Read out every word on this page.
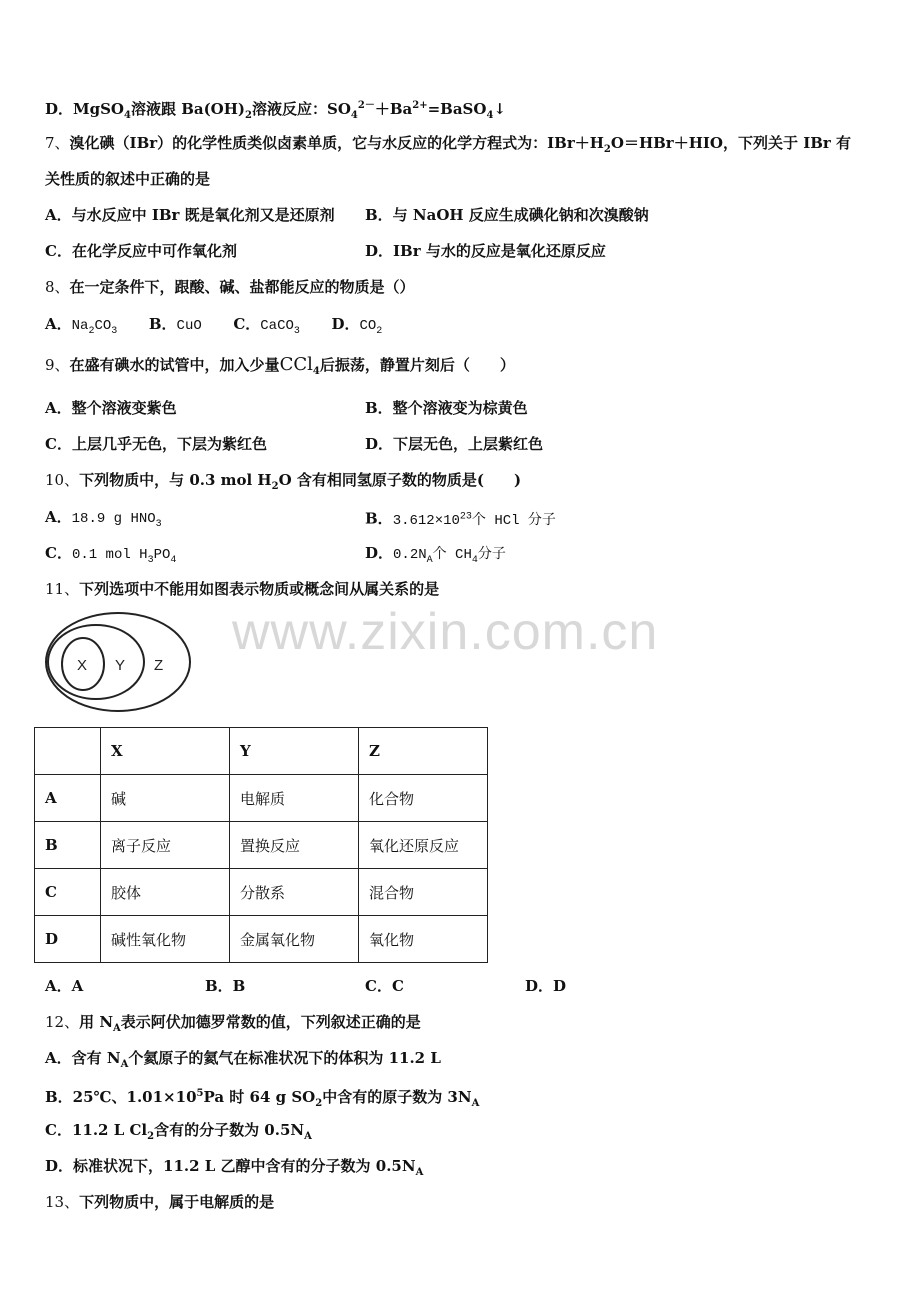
www.zixin.com.cn
D．MgSO$_4$溶液跟 $Ba(OH)_2$溶液反应：$SO_4^{2-}+Ba^{2+}=BaSO_4↓$
7、溴化碘（IBr）的化学性质类似卤素单质，它与水反应的化学方程式为：$IBr+H_2O=HBr+HIO$，下列关于 IBr 有
关性质的叙述中正确的是
A．与水反应中 IBr 既是氧化剂又是还原剂 B．与 NaOH 反应生成碘化钠和次溴酸钠
C．在化学反应中可作氧化剂	D．IBr 与水的反应是氧化还原反应
8、在一定条件下，跟酸、碱、盐都能反应的物质是（）
A．$Na_2CO_3$ B．CuO C．CaCO$_3$ D．$CO_2$
9、在盛有碘水的试管中，加入少量CCl$_4$后振荡，静置片刻后（　　）
A．整个溶液变紫色	B．整个溶液变为棕黄色
C．上层几乎无色，下层为紫红色	D．下层无色，上层紫红色
10、下列物质中，与 0.3 mol $H_2O$ 含有相同氢原子数的物质是(　　)
A．18.9 g $HNO_3$	B．$3.612\times 10^{23}$个 HCl 分子
C．0.1 mol $H_3PO_4$	D．$0.2N_A$个 $CH_4$分子
11、下列选项中不能用如图表示物质或概念间从属关系的是
X Y Z
	X	Y	Z
A	碱	电解质	化合物
B	离子反应	置换反应	氧化还原反应
C	胶体	分散系	混合物
D	碱性氧化物	金属氧化物	氧化物
A．A	B．B	C．C	D．D
12、用 $N_A$表示阿伏加德罗常数的值，下列叙述正确的是
A．含有 $N_A$个氦原子的氦气在标准状况下的体积为 11.2 L
B．25℃、$1.01\times 10^5Pa$ 时 64 g $SO_2$中含有的原子数为 $3N_A$
C．11.2 L $Cl_2$含有的分子数为 $0.5N_A$
D．标准状况下，11.2 L 乙醇中含有的分子数为 $0.5N_A$
13、下列物质中，属于电解质的是
